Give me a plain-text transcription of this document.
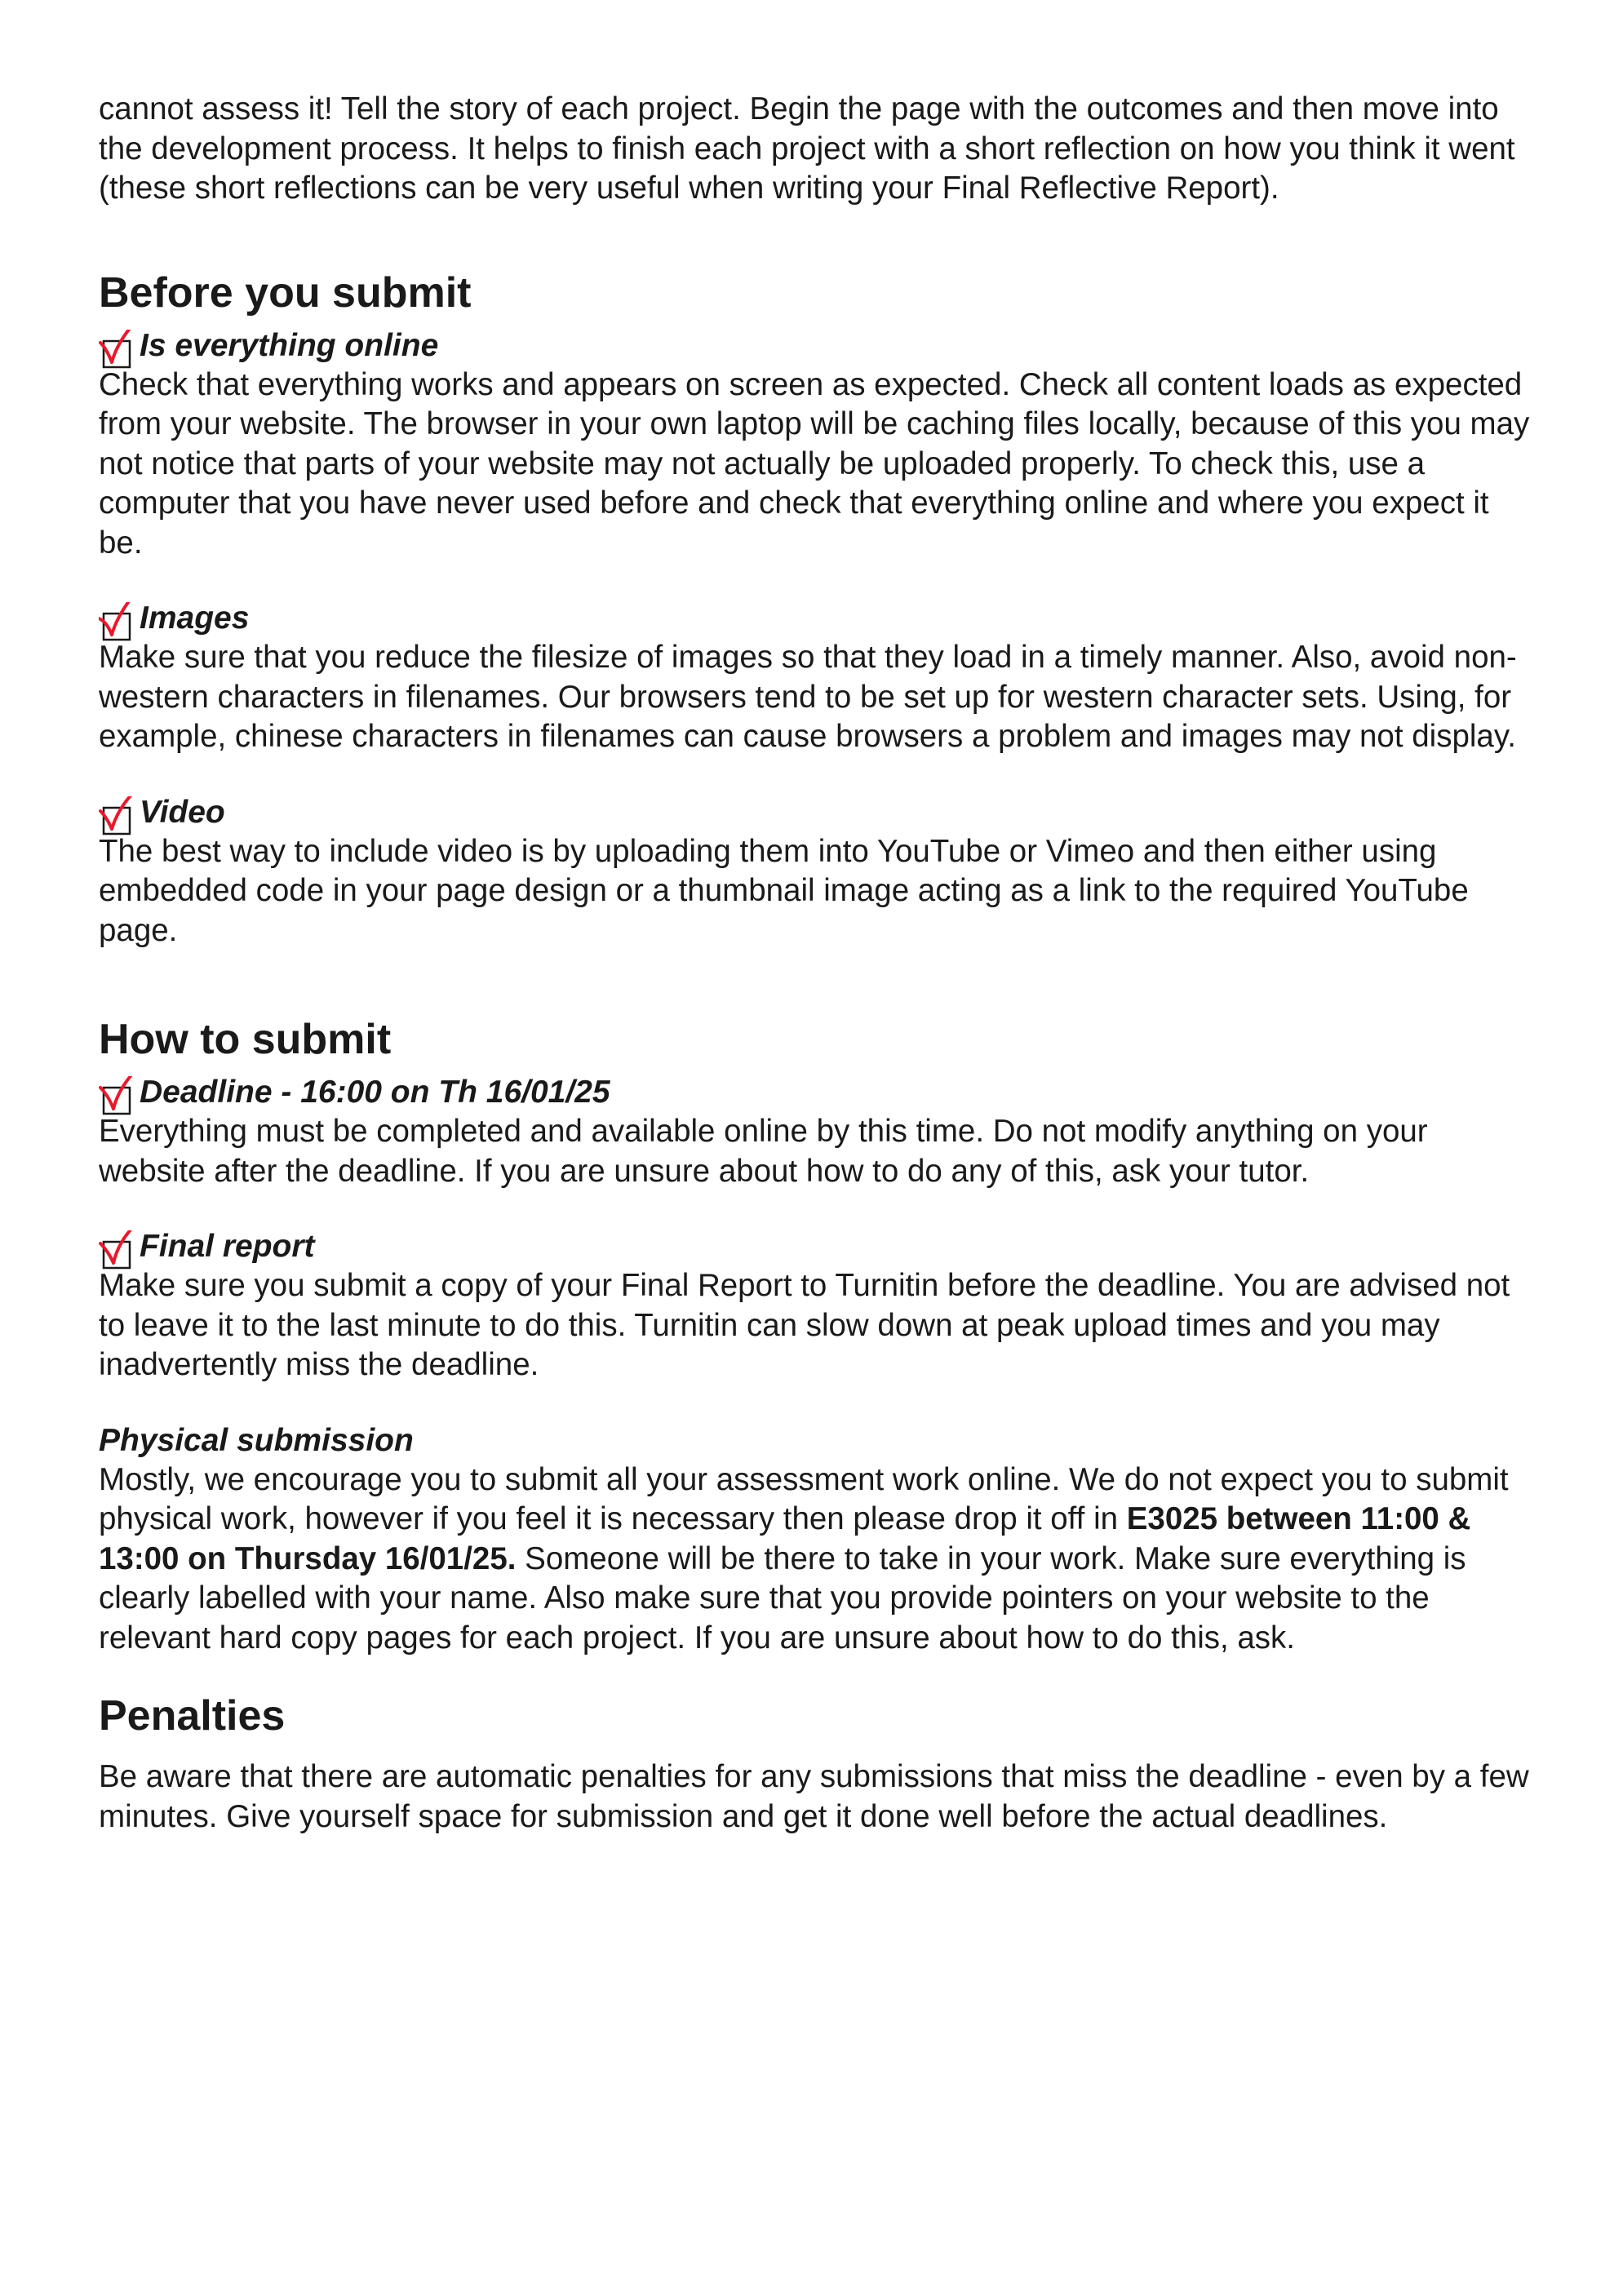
cannot assess it! Tell the story of each project. Begin the page with the outcomes and then move into the development process. It helps to finish each project with a short reflection on how you think it went (these short reflections can be very useful when writing your Final Reflective Report).

Before you submit
Is everything online

Check that everything works and appears on screen as expected. Check all content loads as expected from your website. The browser in your own laptop will be caching files locally, because of this you may not notice that parts of your website may not actually be uploaded properly. To check this, use a computer that you have never used before and check that everything online and where you expect it be.

Images

Make sure that you reduce the filesize of images so that they load in a timely manner. Also, avoid non-western characters in filenames. Our browsers tend to be set up for western character sets. Using, for example, chinese characters in filenames can cause browsers a problem and images may not display.

Video

The best way to include video is by uploading them into YouTube or Vimeo and then either using embedded code in your page design or a thumbnail image acting as a link to the required YouTube page.

How to submit
Deadline - 16:00 on Th 16/01/25

Everything must be completed and available online by this time. Do not modify anything on your website after the deadline. If you are unsure about how to do any of this, ask your tutor.

Final report

Make sure you submit a copy of your Final Report to Turnitin before the deadline. You are advised not to leave it to the last minute to do this. Turnitin can slow down at peak upload times and you may inadvertently miss the deadline.

Physical submission

Mostly, we encourage you to submit all your assessment work online. We do not expect you to submit physical work, however if you feel it is necessary then please drop it off in E3025 between 11:00 & 13:00 on Thursday 16/01/25. Someone will be there to take in your work. Make sure everything is clearly labelled with your name. Also make sure that you provide pointers on your website to the relevant hard copy pages for each project. If you are unsure about how to do this, ask.

Penalties

Be aware that there are automatic penalties for any submissions that miss the deadline - even by a few minutes. Give yourself space for submission and get it done well before the actual deadlines.
